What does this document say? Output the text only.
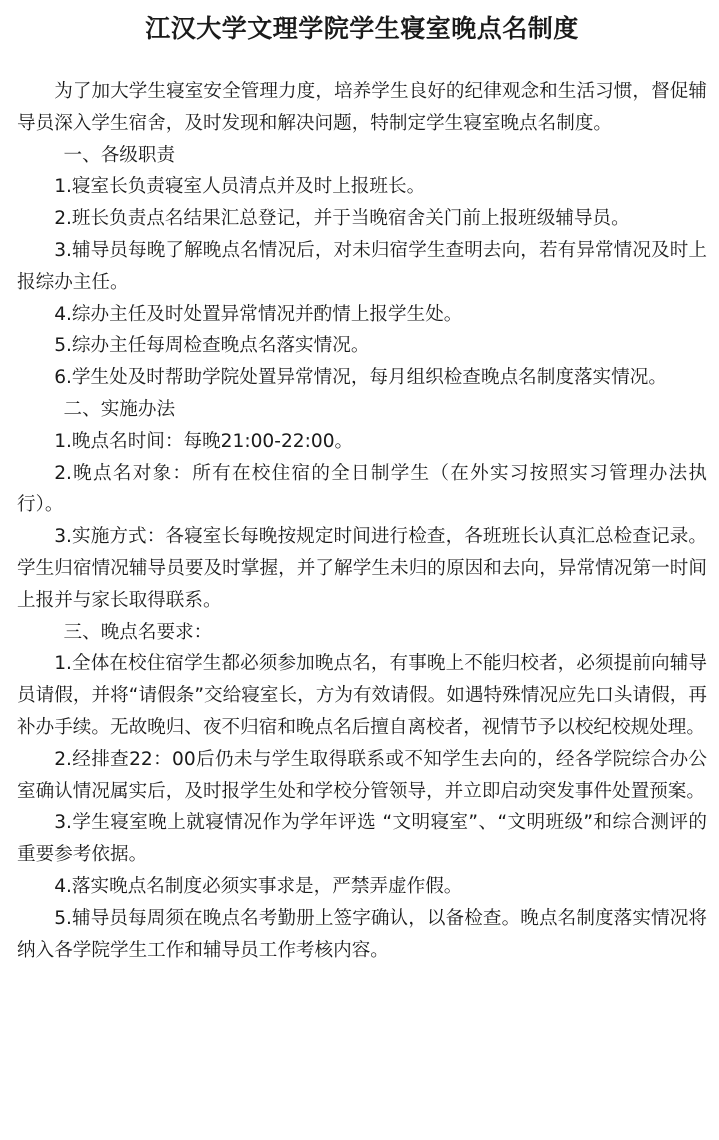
江汉大学文理学院学生寝室晚点名制度

为了加大学生寝室安全管理力度，培养学生良好的纪律观念和生活习惯，督促辅导员深入学生宿舍，及时发现和解决问题，特制定学生寝室晚点名制度。

一、各级职责

1.寝室长负责寝室人员清点并及时上报班长。

2.班长负责点名结果汇总登记，并于当晚宿舍关门前上报班级辅导员。

3.辅导员每晚了解晚点名情况后，对未归宿学生查明去向，若有异常情况及时上报综办主任。

4.综办主任及时处置异常情况并酌情上报学生处。

5.综办主任每周检查晚点名落实情况。

6.学生处及时帮助学院处置异常情况，每月组织检查晚点名制度落实情况。

二、实施办法

1.晚点名时间：每晚21:00-22:00。

2.晚点名对象：所有在校住宿的全日制学生（在外实习按照实习管理办法执行）。

3.实施方式：各寝室长每晚按规定时间进行检查，各班班长认真汇总检查记录。学生归宿情况辅导员要及时掌握，并了解学生未归的原因和去向，异常情况第一时间上报并与家长取得联系。

三、晚点名要求：

1.全体在校住宿学生都必须参加晚点名，有事晚上不能归校者，必须提前向辅导员请假，并将“请假条”交给寝室长，方为有效请假。如遇特殊情况应先口头请假，再补办手续。无故晚归、夜不归宿和晚点名后擅自离校者，视情节予以校纪校规处理。

2.经排查22：00后仍未与学生取得联系或不知学生去向的，经各学院综合办公室确认情况属实后，及时报学生处和学校分管领导，并立即启动突发事件处置预案。

3.学生寝室晚上就寝情况作为学年评选 “文明寝室”、“文明班级”和综合测评的重要参考依据。

4.落实晚点名制度必须实事求是，严禁弄虚作假。

5.辅导员每周须在晚点名考勤册上签字确认，以备检查。晚点名制度落实情况将纳入各学院学生工作和辅导员工作考核内容。
